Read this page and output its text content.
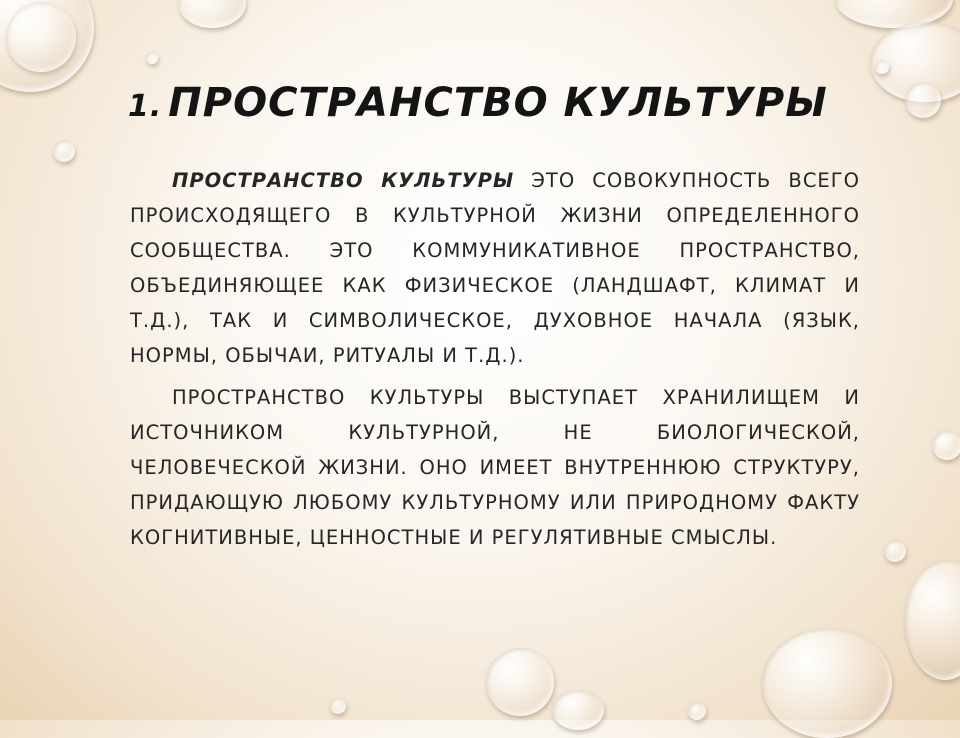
1. ПРОСТРАНСТВО КУЛЬТУРЫ

ПРОСТРАНСТВО КУЛЬТУРЫ ЭТО СОВОКУПНОСТЬ ВСЕГО ПРОИСХОДЯЩЕГО В КУЛЬТУРНОЙ ЖИЗНИ ОПРЕДЕЛЕННОГО СООБЩЕСТВА. ЭТО КОММУНИКАТИВНОЕ ПРОСТРАНСТВО, ОБЪЕДИНЯЮЩЕЕ КАК ФИЗИЧЕСКОЕ (ЛАНДШАФТ, КЛИМАТ И Т.Д.), ТАК И СИМВОЛИЧЕСКОЕ, ДУХОВНОЕ НАЧАЛА (ЯЗЫК, НОРМЫ, ОБЫЧАИ, РИТУАЛЫ И Т.Д.).

ПРОСТРАНСТВО КУЛЬТУРЫ ВЫСТУПАЕТ ХРАНИЛИЩЕМ И ИСТОЧНИКОМ КУЛЬТУРНОЙ, НЕ БИОЛОГИЧЕСКОЙ, ЧЕЛОВЕЧЕСКОЙ ЖИЗНИ. ОНО ИМЕЕТ ВНУТРЕННЮЮ СТРУКТУРУ, ПРИДАЮЩУЮ ЛЮБОМУ КУЛЬТУРНОМУ ИЛИ ПРИРОДНОМУ ФАКТУ КОГНИТИВНЫЕ, ЦЕННОСТНЫЕ И РЕГУЛЯТИВНЫЕ СМЫСЛЫ.
